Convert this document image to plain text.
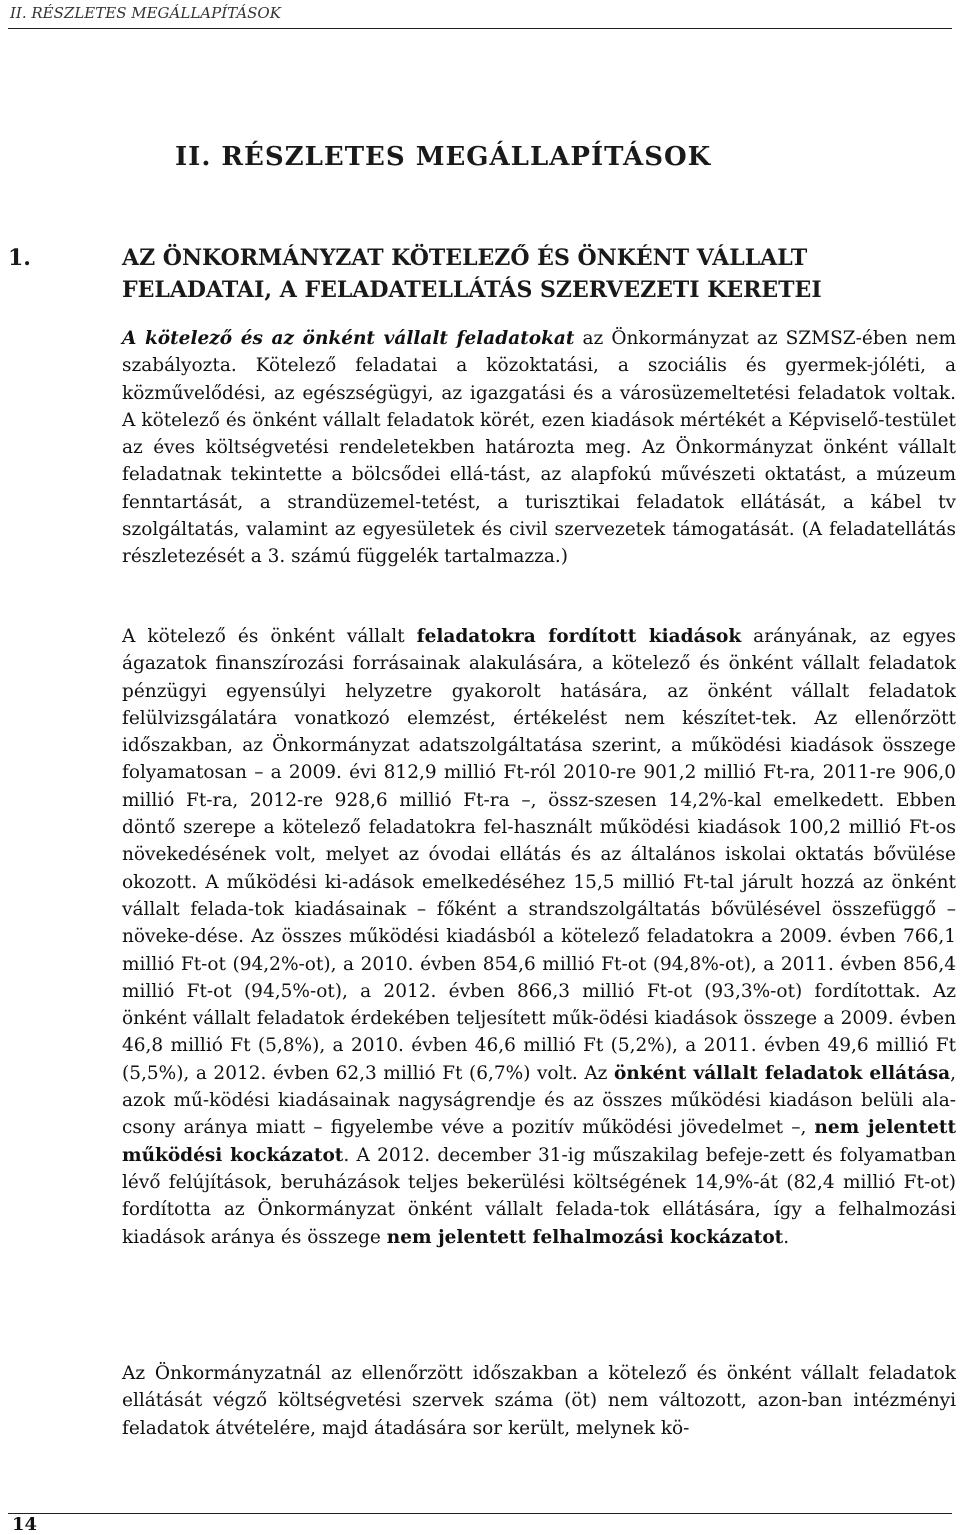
II. RÉSZLETES MEGÁLLAPÍTÁSOK
II. RÉSZLETES MEGÁLLAPÍTÁSOK
1.	AZ ÖNKORMÁNYZAT KÖTELEZŐ ÉS ÖNKÉNT VÁLLALT FELADATAI, A FELADATELLÁTÁS SZERVEZETI KERETEI
A kötelező és az önként vállalt feladatokat az Önkormányzat az SZMSZ-ében nem szabályozta. Kötelező feladatai a közoktatási, a szociális és gyermek-jóléti, a közművelődési, az egészségügyi, az igazgatási és a városüzemeltetési feladatok voltak. A kötelező és önként vállalt feladatok körét, ezen kiadások mértékét a Képviselő-testület az éves költségvetési rendeletekben határozta meg. Az Önkormányzat önként vállalt feladatnak tekintette a bölcsődei ellá-tást, az alapfokú művészeti oktatást, a múzeum fenntartását, a strandüzemel-tetést, a turisztikai feladatok ellátását, a kábel tv szolgáltatás, valamint az egyesületek és civil szervezetek támogatását. (A feladatellátás részletezését a 3. számú függelék tartalmazza.)
A kötelező és önként vállalt feladatokra fordított kiadások arányának, az egyes ágazatok finanszírozási forrásainak alakulására, a kötelező és önként vállalt feladatok pénzügyi egyensúlyi helyzetre gyakorolt hatására, az önként vállalt feladatok felülvizsgálatára vonatkozó elemzést, értékelést nem készítet-tek. Az ellenőrzött időszakban, az Önkormányzat adatszolgáltatása szerint, a működési kiadások összege folyamatosan – a 2009. évi 812,9 millió Ft-ról 2010-re 901,2 millió Ft-ra, 2011-re 906,0 millió Ft-ra, 2012-re 928,6 millió Ft-ra –, össz-szesen 14,2%-kal emelkedett. Ebben döntő szerepe a kötelező feladatokra fel-használt működési kiadások 100,2 millió Ft-os növekedésének volt, melyet az óvodai ellátás és az általános iskolai oktatás bővülése okozott. A működési ki-adások emelkedéséhez 15,5 millió Ft-tal járult hozzá az önként vállalt felada-tok kiadásainak – főként a strandszolgáltatás bővülésével összefüggő – növeke-dése. Az összes működési kiadásból a kötelező feladatokra a 2009. évben 766,1 millió Ft-ot (94,2%-ot), a 2010. évben 854,6 millió Ft-ot (94,8%-ot), a 2011. évben 856,4 millió Ft-ot (94,5%-ot), a 2012. évben 866,3 millió Ft-ot (93,3%-ot) fordítottak. Az önként vállalt feladatok érdekében teljesített műk-ödési kiadások összege a 2009. évben 46,8 millió Ft (5,8%), a 2010. évben 46,6 millió Ft (5,2%), a 2011. évben 49,6 millió Ft (5,5%), a 2012. évben 62,3 millió Ft (6,7%) volt. Az önként vállalt feladatok ellátása, azok mű-ködési kiadásainak nagyságrendje és az összes működési kiadáson belüli ala-csony aránya miatt – figyelembe véve a pozitív működési jövedelmet –, nem jelentett működési kockázatot. A 2012. december 31-ig műszakilag befeje-zett és folyamatban lévő felújítások, beruházások teljes bekerülési költségének 14,9%-át (82,4 millió Ft-ot) fordította az Önkormányzat önként vállalt felada-tok ellátására, így a felhalmozási kiadások aránya és összege nem jelentett felhalmozási kockázatot.
Az Önkormányzatnál az ellenőrzött időszakban a kötelező és önként vállalt feladatok ellátását végző költségvetési szervek száma (öt) nem változott, azon-ban intézményi feladatok átvételére, majd átadására sor került, melynek kö-
14
